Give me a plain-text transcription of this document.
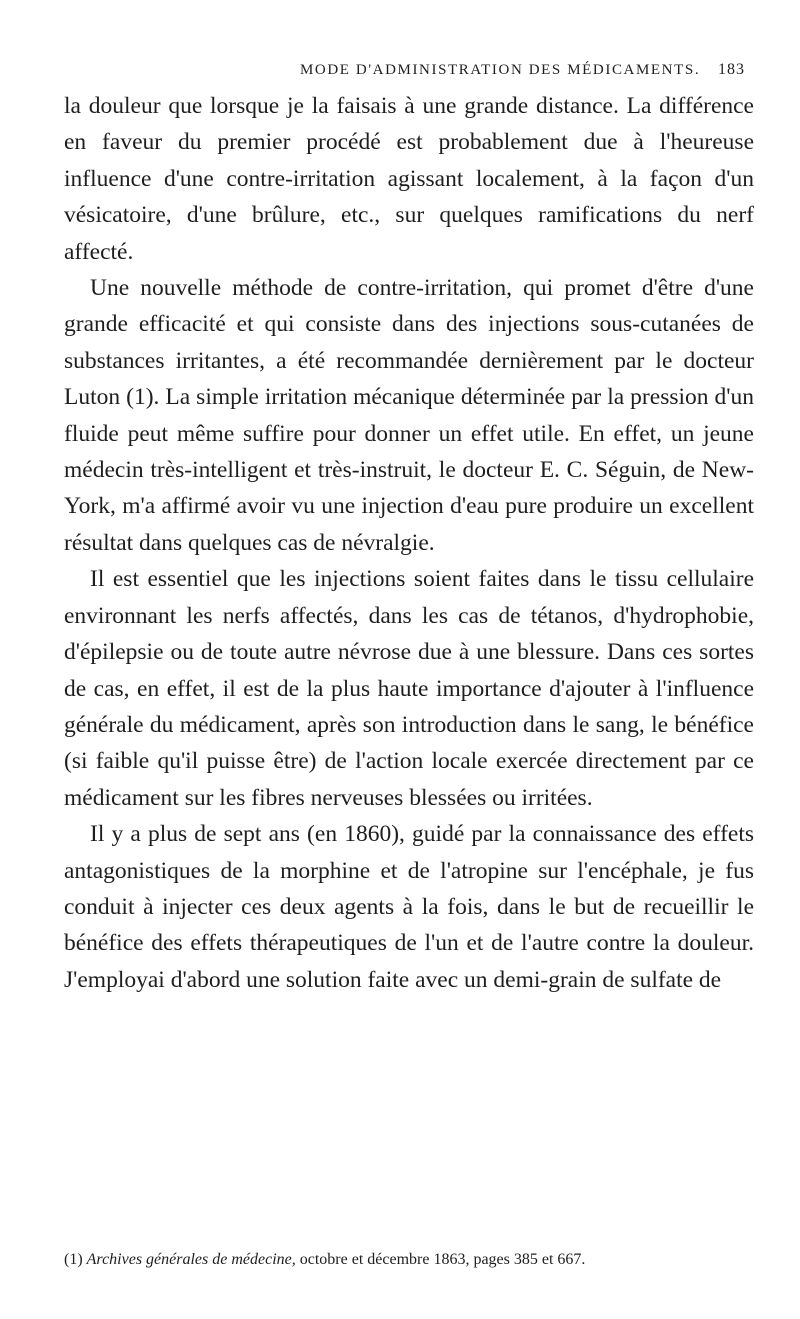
MODE D'ADMINISTRATION DES MÉDICAMENTS. 183

la douleur que lorsque je la faisais à une grande distance. La différence en faveur du premier procédé est probablement due à l'heureuse influence d'une contre-irritation agissant localement, à la façon d'un vésicatoire, d'une brûlure, etc., sur quelques ramifications du nerf affecté.

Une nouvelle méthode de contre-irritation, qui promet d'être d'une grande efficacité et qui consiste dans des injections sous-cutanées de substances irritantes, a été recommandée dernièrement par le docteur Luton (1). La simple irritation mécanique déterminée par la pression d'un fluide peut même suffire pour donner un effet utile. En effet, un jeune médecin très-intelligent et très-instruit, le docteur E. C. Séguin, de New-York, m'a affirmé avoir vu une injection d'eau pure produire un excellent résultat dans quelques cas de névralgie.

Il est essentiel que les injections soient faites dans le tissu cellulaire environnant les nerfs affectés, dans les cas de tétanos, d'hydrophobie, d'épilepsie ou de toute autre névrose due à une blessure. Dans ces sortes de cas, en effet, il est de la plus haute importance d'ajouter à l'influence générale du médicament, après son introduction dans le sang, le bénéfice (si faible qu'il puisse être) de l'action locale exercée directement par ce médicament sur les fibres nerveuses blessées ou irritées.

Il y a plus de sept ans (en 1860), guidé par la connaissance des effets antagonistiques de la morphine et de l'atropine sur l'encéphale, je fus conduit à injecter ces deux agents à la fois, dans le but de recueillir le bénéfice des effets thérapeutiques de l'un et de l'autre contre la douleur. J'employai d'abord une solution faite avec un demi-grain de sulfate de

(1) Archives générales de médecine, octobre et décembre 1863, pages 385 et 667.
